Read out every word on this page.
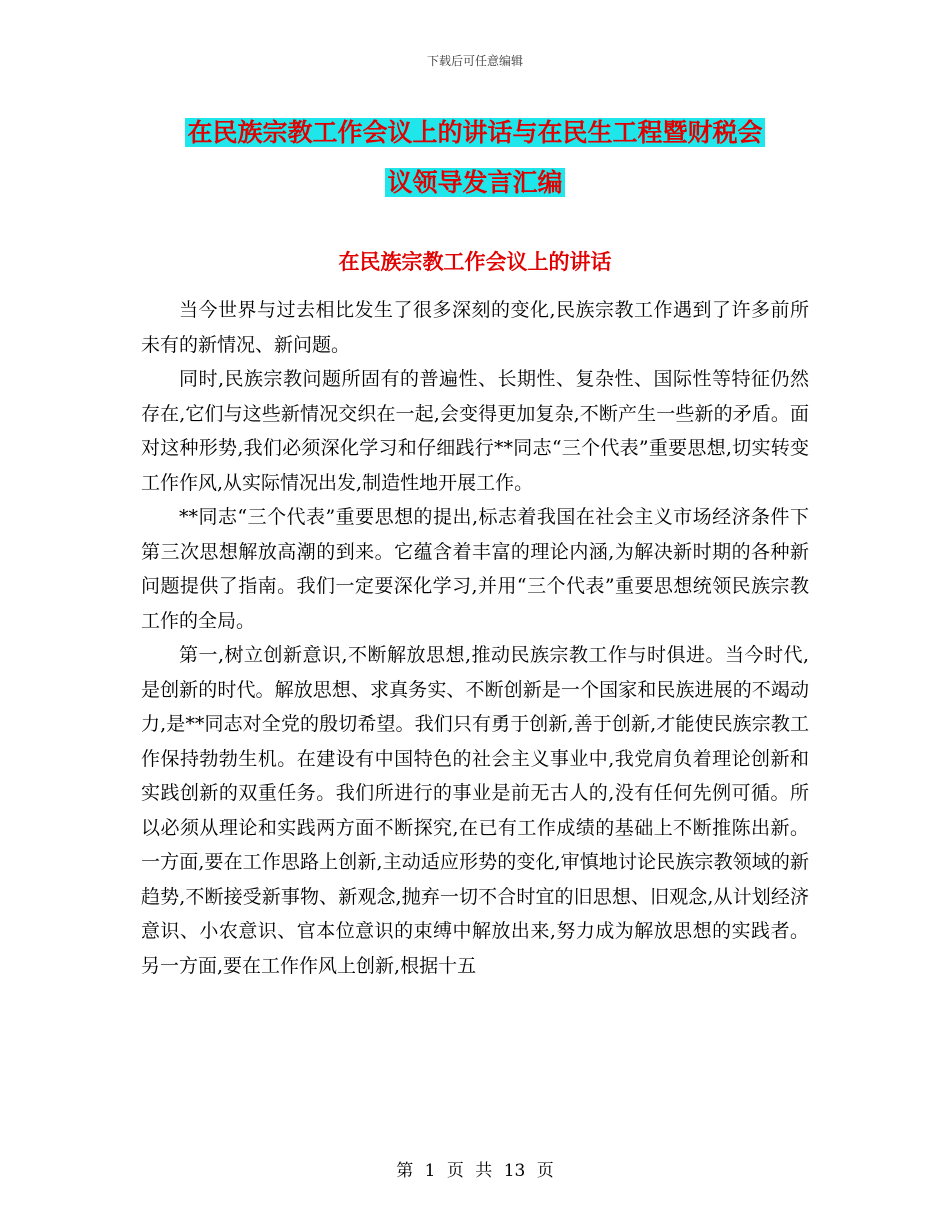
下载后可任意编辑
在民族宗教工作会议上的讲话与在民生工程暨财税会
议领导发言汇编
在民族宗教工作会议上的讲话

当今世界与过去相比发生了很多深刻的变化,民族宗教工作遇到了许多前所未有的新情况、新问题。

同时,民族宗教问题所固有的普遍性、长期性、复杂性、国际性等特征仍然存在,它们与这些新情况交织在一起,会变得更加复杂,不断产生一些新的矛盾。面对这种形势,我们必须深化学习和仔细践行**同志“三个代表”重要思想,切实转变工作作风,从实际情况出发,制造性地开展工作。

**同志“三个代表”重要思想的提出,标志着我国在社会主义市场经济条件下第三次思想解放高潮的到来。它蕴含着丰富的理论内涵,为解决新时期的各种新问题提供了指南。我们一定要深化学习,并用“三个代表”重要思想统领民族宗教工作的全局。

第一,树立创新意识,不断解放思想,推动民族宗教工作与时俱进。当今时代,是创新的时代。解放思想、求真务实、不断创新是一个国家和民族进展的不竭动力,是**同志对全党的殷切希望。我们只有勇于创新,善于创新,才能使民族宗教工作保持勃勃生机。在建设有中国特色的社会主义事业中,我党肩负着理论创新和实践创新的双重任务。我们所进行的事业是前无古人的,没有任何先例可循。所以必须从理论和实践两方面不断探究,在已有工作成绩的基础上不断推陈出新。一方面,要在工作思路上创新,主动适应形势的变化,审慎地讨论民族宗教领域的新趋势,不断接受新事物、新观念,抛弃一切不合时宜的旧思想、旧观念,从计划经济意识、小农意识、官本位意识的束缚中解放出来,努力成为解放思想的实践者。另一方面,要在工作作风上创新,根据十五

第 1 页 共 13 页
